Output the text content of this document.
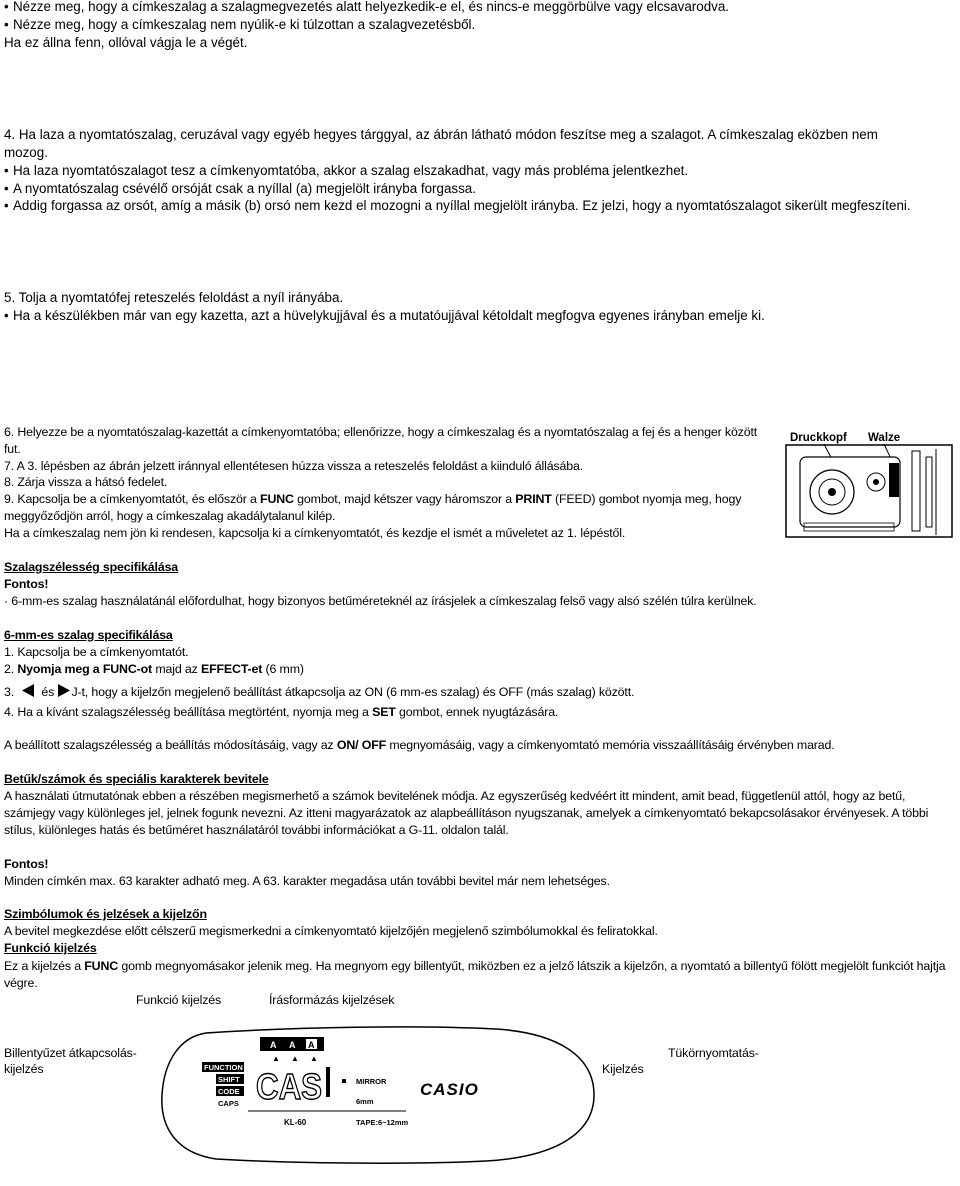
• Nézze meg, hogy a címkeszalag a szalagmegvezetés alatt helyezkedik-e el, és nincs-e meggörbülve vagy elcsavarodva.
• Nézze meg, hogy a címkeszalag nem nyúlik-e ki túlzottan a szalagvezetésből.
Ha ez állna fenn, ollóval vágja le a végét.
4. Ha laza a nyomtatószalag, ceruzával vagy egyéb hegyes tárggyal, az ábrán látható módon feszítse meg a szalagot. A címkeszalag eközben nem
mozog.
• Ha laza nyomtatószalagot tesz a címkenyomtatóba, akkor a szalag elszakadhat, vagy más probléma jelentkezhet.
• A nyomtatószalag csévélő orsóját csak a nyíllal (a) megjelölt irányba forgassa.
• Addig forgassa az orsót, amíg a másik (b) orsó nem kezd el mozogni a nyíllal megjelölt irányba. Ez jelzi, hogy a nyomtatószalagot sikerült megfeszíteni.
5. Tolja a nyomtatófej reteszelés feloldást a nyíl irányába.
• Ha a készülékben már van egy kazetta, azt a hüvelykujjával és a mutatóujjával kétoldalt megfogva egyenes irányban emelje ki.
6. Helyezze be a nyomtatószalag-kazettát a címkenyomtatóba; ellenőrizze, hogy a címkeszalag és a nyomtatószalag a fej és a henger között
fut.
7. A 3. lépésben az ábrán jelzett iránnyal ellentétesen húzza vissza a reteszelés feloldást a kiinduló állásába.
8. Zárja vissza a hátsó fedelet.
9. Kapcsolja be a címkenyomtatót, és először a FUNC gombot, majd kétszer vagy háromszor a PRINT (FEED) gombot nyomja meg, hogy
meggyőződjön arról, hogy a címkeszalag akadálytalanul kilép.
Ha a címkeszalag nem jön ki rendesen, kapcsolja ki a címkenyomtatót, és kezdje el ismét a műveletet az 1. lépéstől.
Druckkopf Walze
Szalagszélesség specifikálása
Fontos!
· 6-mm-es szalag használatánál előfordulhat, hogy bizonyos betűméreteknél az írásjelek a címkeszalag felső vagy alsó szélén túlra kerülnek.
6-mm-es szalag specifikálása
1. Kapcsolja be a címkenyomtatót.
2. Nyomja meg a FUNC-ot majd az EFFECT-et (6 mm)
3. és J-t, hogy a kijelzőn megjelenő beállítást átkapcsolja az ON (6 mm-es szalag) és OFF (más szalag) között.
4. Ha a kívánt szalagszélesség beállítása megtörtént, nyomja meg a SET gombot, ennek nyugtázására.
A beállított szalagszélesség a beállítás módosításáig, vagy az ON/ OFF megnyomásáig, vagy a címkenyomtató memória visszaállításáig érvényben marad.
Betűk/számok és speciális karakterek bevitele
A használati útmutatónak ebben a részében megismerhető a számok bevitelének módja. Az egyszerűség kedvéért itt mindent, amit bead, függetlenül attól, hogy az betű,
számjegy vagy különleges jel, jelnek fogunk nevezni. Az itteni magyarázatok az alapbeállításon nyugszanak, amelyek a címkenyomtató bekapcsolásakor érvényesek. A többi
stílus, különleges hatás és betűméret használatáról további információkat a G-11. oldalon talál.
Fontos!
Minden címkén max. 63 karakter adható meg. A 63. karakter megadása után további bevitel már nem lehetséges.
Szimbólumok és jelzések a kijelzőn
A bevitel megkezdése előtt célszerű megismerkedni a címkenyomtató kijelzőjén megjelenő szimbólumokkal és feliratokkal.
Funkció kijelzés
Ez a kijelzés a FUNC gomb megnyomásakor jelenik meg. Ha megnyom egy billentyűt, miközben ez a jelző látszik a kijelzőn, a nyomtató a billentyű fölött megjelölt funkciót hajtja
végre.
Funkció kijelzés	Írásformázás kijelzések
Billentyűzet átkapcsolás-
kijelzés	Kijelzés
Tükörnyomtatás-
A A A
▲ ▲ ▲
FUNCTION
SHIFT
CODE
CAPS CAS	MIRROR
6mm
CASIO
KL-60	TAPE:6~12mm
